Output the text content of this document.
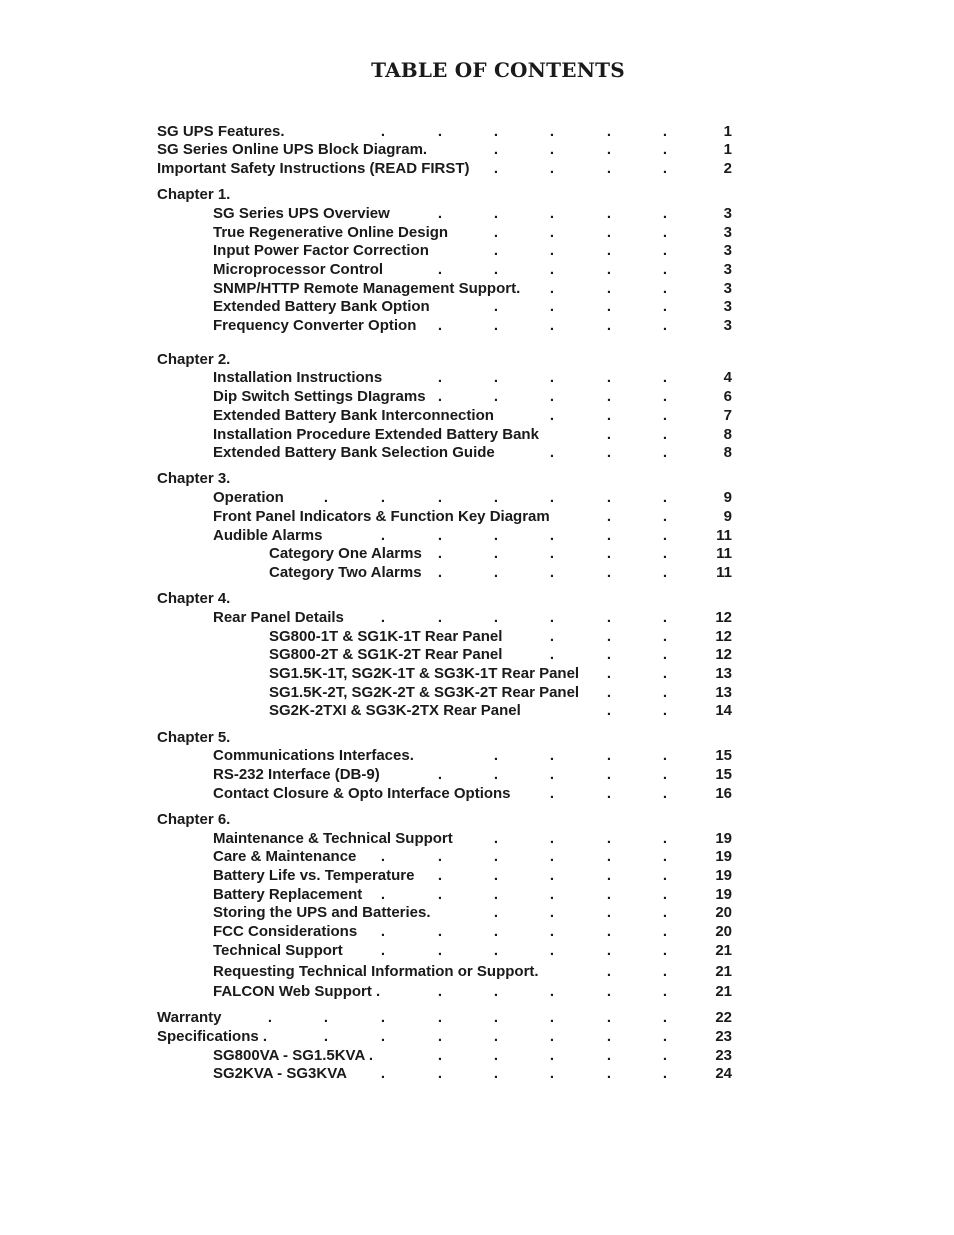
TABLE OF CONTENTS
SG UPS Features.	.	.	.	.	.	.	1
SG Series Online UPS Block Diagram.	.	.	.	.	1
Important Safety Instructions (READ FIRST) .	.	.	.	2
Chapter 1.
SG Series UPS Overview	.	.	.	.	.	3
True Regenerative Online Design	.	.	.	.	3
Input Power Factor Correction	.	.	.	.	3
Microprocessor Control	.	.	.	.	.	3
SNMP/HTTP Remote Management Support. .	.	.	3
Extended Battery Bank Option	.	.	.	.	3
Frequency Converter Option .	.	.	.	.	3
Chapter 2.
Installation Instructions	.	.	.	.	.	4
Dip Switch Settings DIagrams .	.	.	.	.	6
Extended Battery Bank Interconnection	.	.	.	7
Installation Procedure Extended Battery Bank	.	.	8
Extended Battery Bank Selection Guide	.	.	.	8
Chapter 3.
Operation	.	.	.	.	.	.	.	9
Front Panel Indicators & Function Key Diagram	.	.	9
Audible Alarms	.	.	.	.	.	.	11
Category One Alarms .	.	.	.	.	11
Category Two Alarms .	.	.	.	.	11
Chapter 4.
Rear Panel Details .	.	.	.	.	.	12
SG800-1T & SG1K-1T Rear Panel	.	.	.	12
SG800-2T & SG1K-2T Rear Panel	.	.	.	12
SG1.5K-1T, SG2K-1T & SG3K-1T Rear Panel .	.	13
SG1.5K-2T, SG2K-2T & SG3K-2T Rear Panel .	.	13
SG2K-2TXI & SG3K-2TX Rear Panel	.	.	14
Chapter 5.
Communications Interfaces.	.	.	.	.	15
RS-232 Interface (DB-9)	.	.	.	.	.	15
Contact Closure & Opto Interface Options	.	.	.	16
Chapter 6.
Maintenance & Technical Support	.	.	.	.	19
Care & Maintenance .	.	.	.	.	.	19
Battery Life vs. Temperature .	.	.	.	.	19
Battery Replacement .	.	.	.	.	.	19
Storing the UPS and Batteries.	.	.	.	.	20
FCC Considerations .	.	.	.	.	.	20
Technical Support	.	.	.	.	.	.	21
Requesting Technical Information or Support.	.	.	21
FALCON Web Support .	.	.	.	.	.	21
Warranty	.	.	.	.	.	.	.	.	22
Specifications .	.	.	.	.	.	.	.	23
SG800VA - SG1.5KVA .	.	.	.	.	.	23
SG2KVA - SG3KVA .	.	.	.	.	.	24
